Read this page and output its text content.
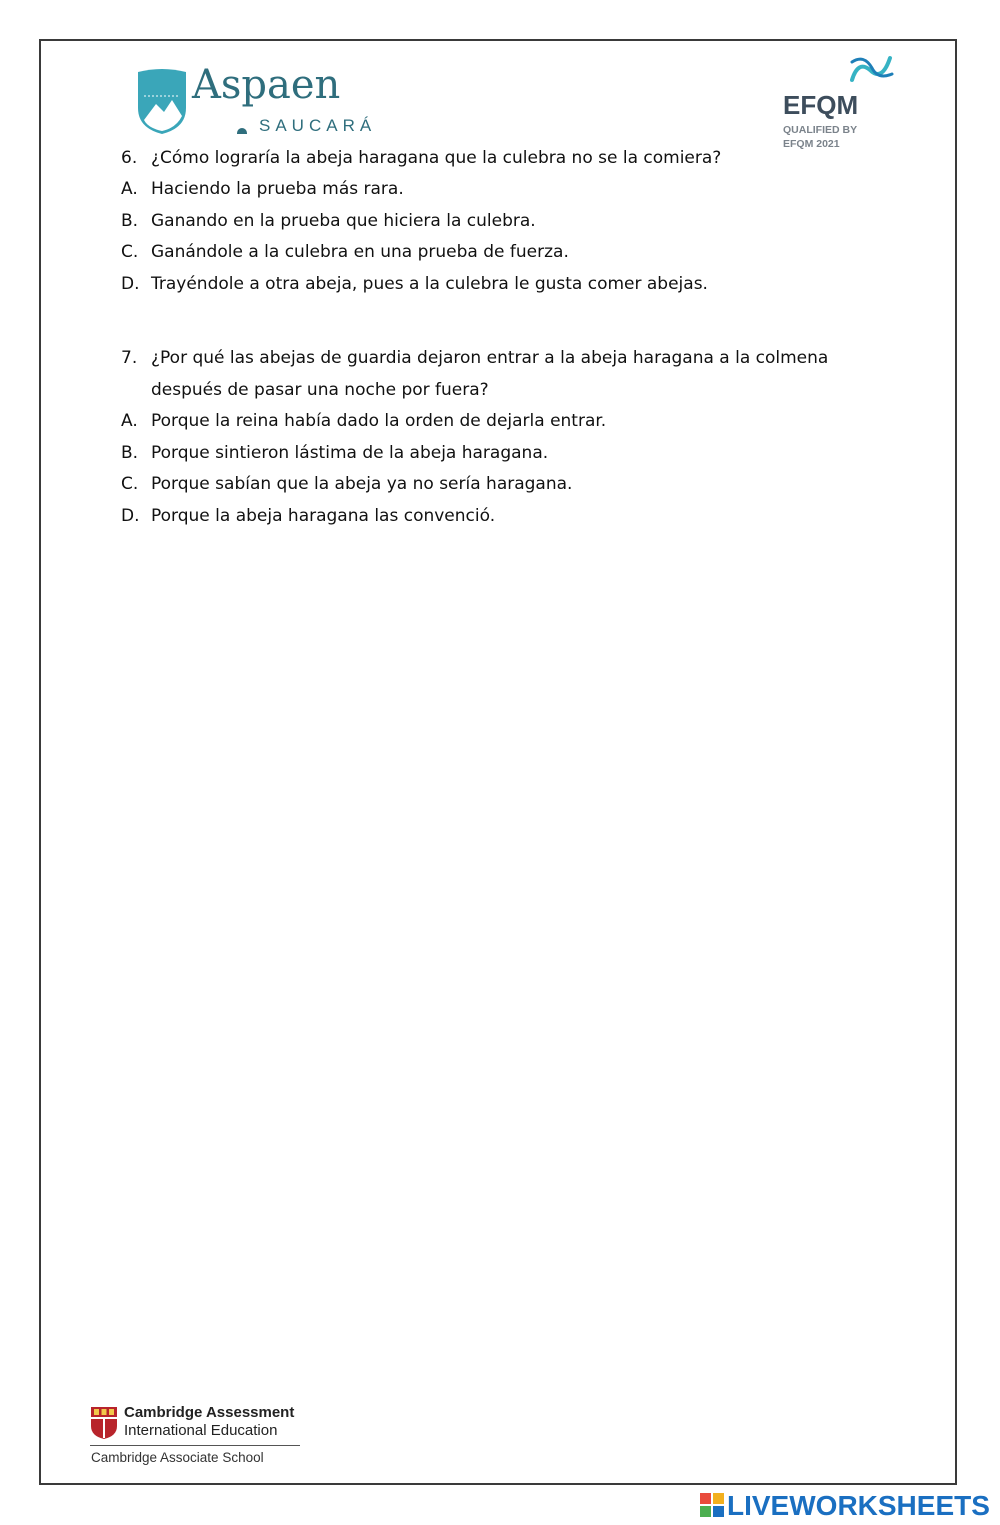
Aspaen
SAUCARÁ
EFQM
QUALIFIED BY
EFQM 2021
6. ¿Cómo lograría la abeja haragana que la culebra no se la comiera?
A. Haciendo la prueba más rara.
B. Ganando en la prueba que hiciera la culebra.
C. Ganándole a la culebra en una prueba de fuerza.
D. Trayéndole a otra abeja, pues a la culebra le gusta comer abejas.
7. ¿Por qué las abejas de guardia dejaron entrar a la abeja haragana a la colmena
después de pasar una noche por fuera?
A. Porque la reina había dado la orden de dejarla entrar.
B. Porque sintieron lástima de la abeja haragana.
C. Porque sabían que la abeja ya no sería haragana.
D. Porque la abeja haragana las convenció.
Cambridge Assessment
International Education
Cambridge Associate School
LIVEWORKSHEETS
